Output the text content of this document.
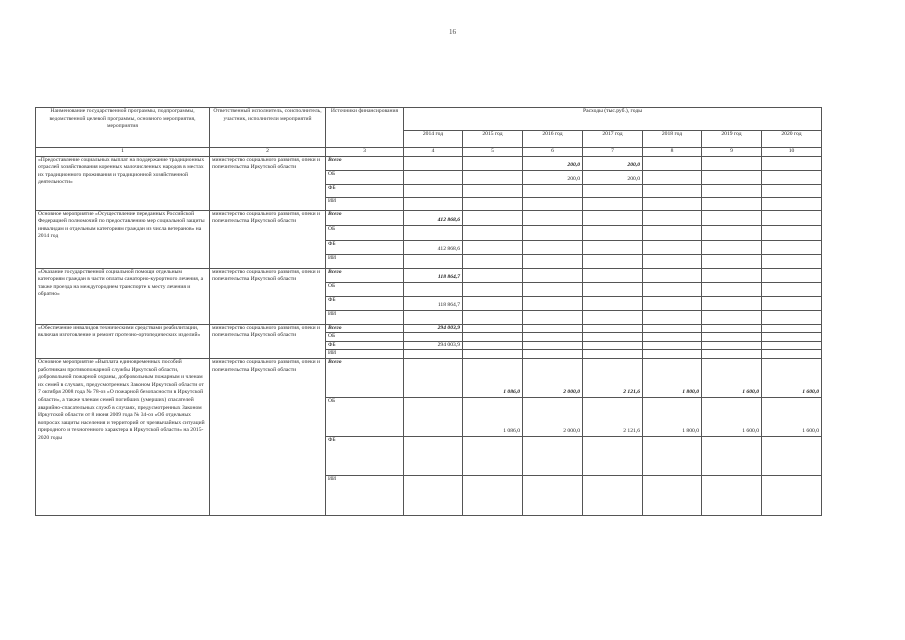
16
Наименование государственной программы, подпрограммы, ведомственной целевой программы, основного мероприятия, мероприятия	Ответственный исполнитель, соисполнитель, участник, исполнители мероприятий	Источники финансирования	Расходы (тыс.руб.), годы						
			2014 год	2015 год	2016 год	2017 год	2018 год	2019 год	2020 год
1	2	3	4	5	6	7	8	9	10
«Предоставление социальных выплат на поддержание традиционных отраслей хозяйствования коренных малочисленных народов в местах их традиционного проживания и традиционной хозяйственной деятельности»	министерство социального развития, опеки и попечительства Иркутской области	Всего			200,0	200,0			
		ОБ			200,0	200,0			
		ФБ							
		ИИ							
Основное мероприятие «Осуществление переданных Российской Федерацией полномочий по предоставлению мер социальной защиты инвалидам и отдельным категориям граждан из числа ветеранов» на 2014 год	министерство социального развития, опеки и попечительства Иркутской области	Всего	412 868,6						
		ОБ							
		ФБ	412 868,6						
		ИИ							
«Оказание государственной социальной помощи отдельным категориям граждан в части оплаты санаторно-курортного лечения, а также проезда на междугороднем транспорте к месту лечения и обратно»	министерство социального развития, опеки и попечительства Иркутской области	Всего	118 864,7						
		ОБ							
		ФБ	118 864,7						
		ИИ							
«Обеспечение инвалидов техническими средствами реабилитации, включая изготовление и ремонт протезно-ортопедических изделий»	министерство социального развития, опеки и попечительства Иркутской области	Всего	294 003,9						
		ОБ							
		ФБ	294 003,9						
		ИИ							
Основное мероприятие «Выплата единовременных пособий работникам противопожарной службы Иркутской области, добровольной пожарной охраны, добровольным пожарным и членам их семей в случаях, предусмотренных Законом Иркутской области от 7 октября 2008 года № 78-оз «О пожарной безопасности в Иркутской области», а также членам семей погибших (умерших) спасателей аварийно-спасательных служб в случаях, предусмотренных Законом Иркутской области от 8 июня 2009 года № 34-оз «Об отдельных вопросах защиты населения и территорий от чрезвычайных ситуаций природного и техногенного характера в Иркутской области» на 2015-2020 годы	министерство социального развития, опеки и попечительства Иркутской области	Всего		1 086,0	2 000,0	2 121,6	1 800,0	1 600,0	1 600,0
		ОБ		1 086,0	2 000,0	2 121,6	1 800,0	1 600,0	1 600,0
		ФБ							
		ИИ							
